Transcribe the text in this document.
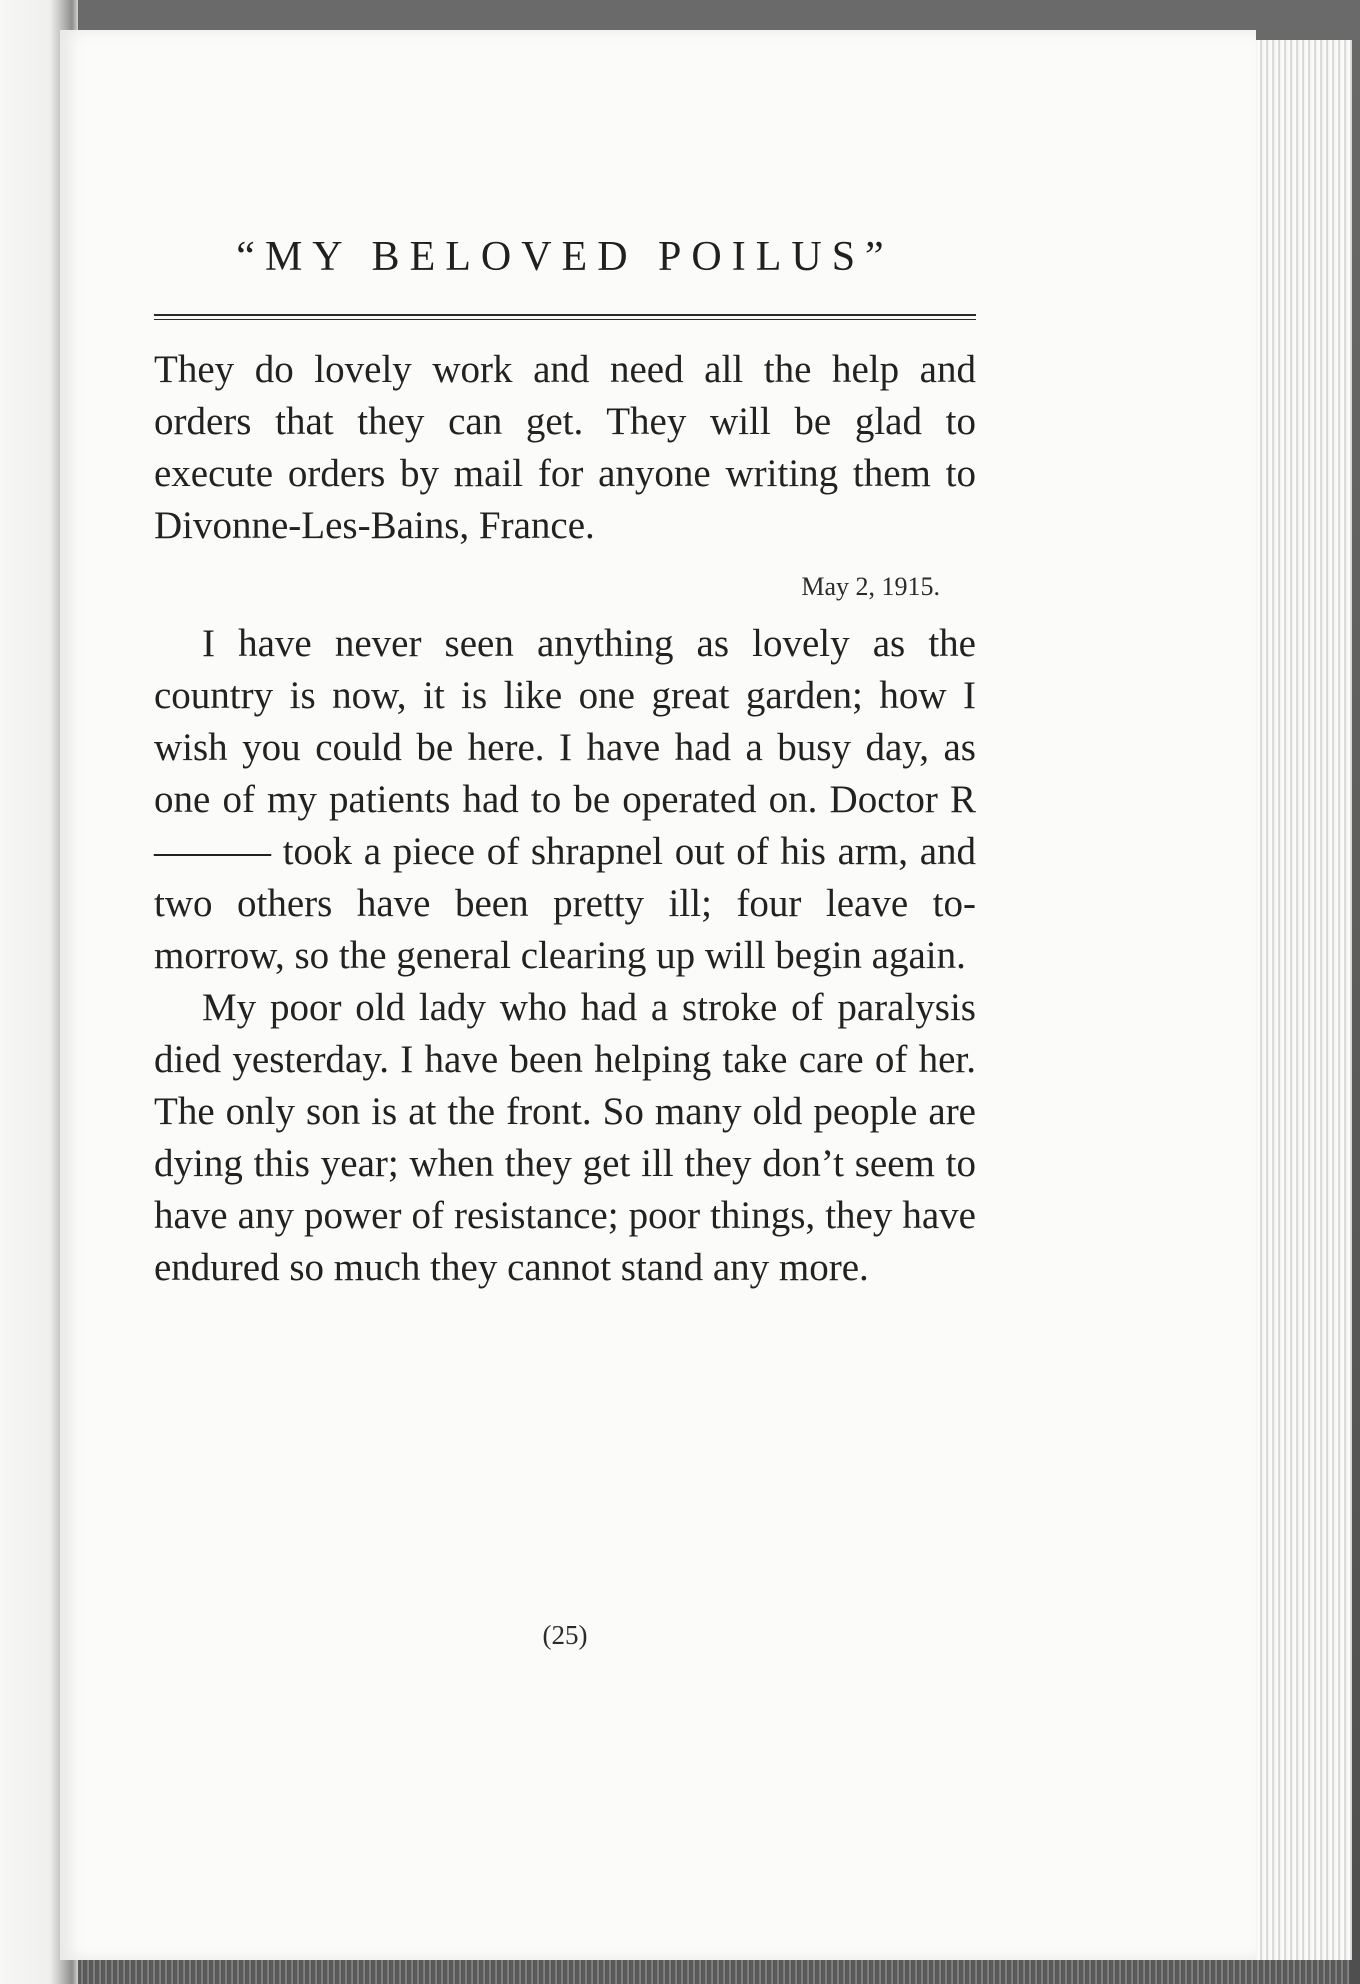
“MY BELOVED POILUS”

They do lovely work and need all the help and orders that they can get. They will be glad to execute orders by mail for anyone writing them to Divonne-Les-Bains, France.

May 2, 1915.

I have never seen anything as lovely as the country is now, it is like one great garden; how I wish you could be here. I have had a busy day, as one of my patients had to be operated on. Doctor R——— took a piece of shrapnel out of his arm, and two others have been pretty ill; four leave to-morrow, so the general clearing up will begin again.

My poor old lady who had a stroke of paralysis died yesterday. I have been helping take care of her. The only son is at the front. So many old people are dying this year; when they get ill they don’t seem to have any power of resistance; poor things, they have endured so much they cannot stand any more.

(25)
